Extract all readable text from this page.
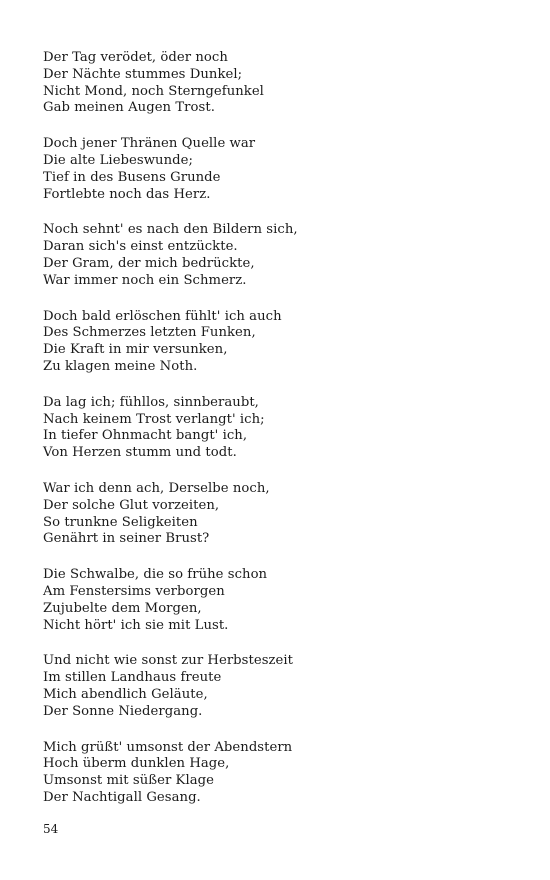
Der Tag verödet, öder noch
Der Nächte stummes Dunkel;
Nicht Mond, noch Sterngefunkel
Gab meinen Augen Trost.
Doch jener Thränen Quelle war
Die alte Liebeswunde;
Tief in des Busens Grunde
Fortlebte noch das Herz.
Noch sehnt' es nach den Bildern sich,
Daran sich's einst entzückte.
Der Gram, der mich bedrückte,
War immer noch ein Schmerz.
Doch bald erlöschen fühlt' ich auch
Des Schmerzes letzten Funken,
Die Kraft in mir versunken,
Zu klagen meine Noth.
Da lag ich; fühllos, sinnberaubt,
Nach keinem Trost verlangt' ich;
In tiefer Ohnmacht bangt' ich,
Von Herzen stumm und todt.
War ich denn ach, Derselbe noch,
Der solche Glut vorzeiten,
So trunkne Seligkeiten
Genährt in seiner Brust?
Die Schwalbe, die so frühe schon
Am Fenstersims verborgen
Zujubelte dem Morgen,
Nicht hört' ich sie mit Lust.
Und nicht wie sonst zur Herbsteszeit
Im stillen Landhaus freute
Mich abendlich Geläute,
Der Sonne Niedergang.
Mich grüßt' umsonst der Abendstern
Hoch überm dunklen Hage,
Umsonst mit süßer Klage
Der Nachtigall Gesang.
54
